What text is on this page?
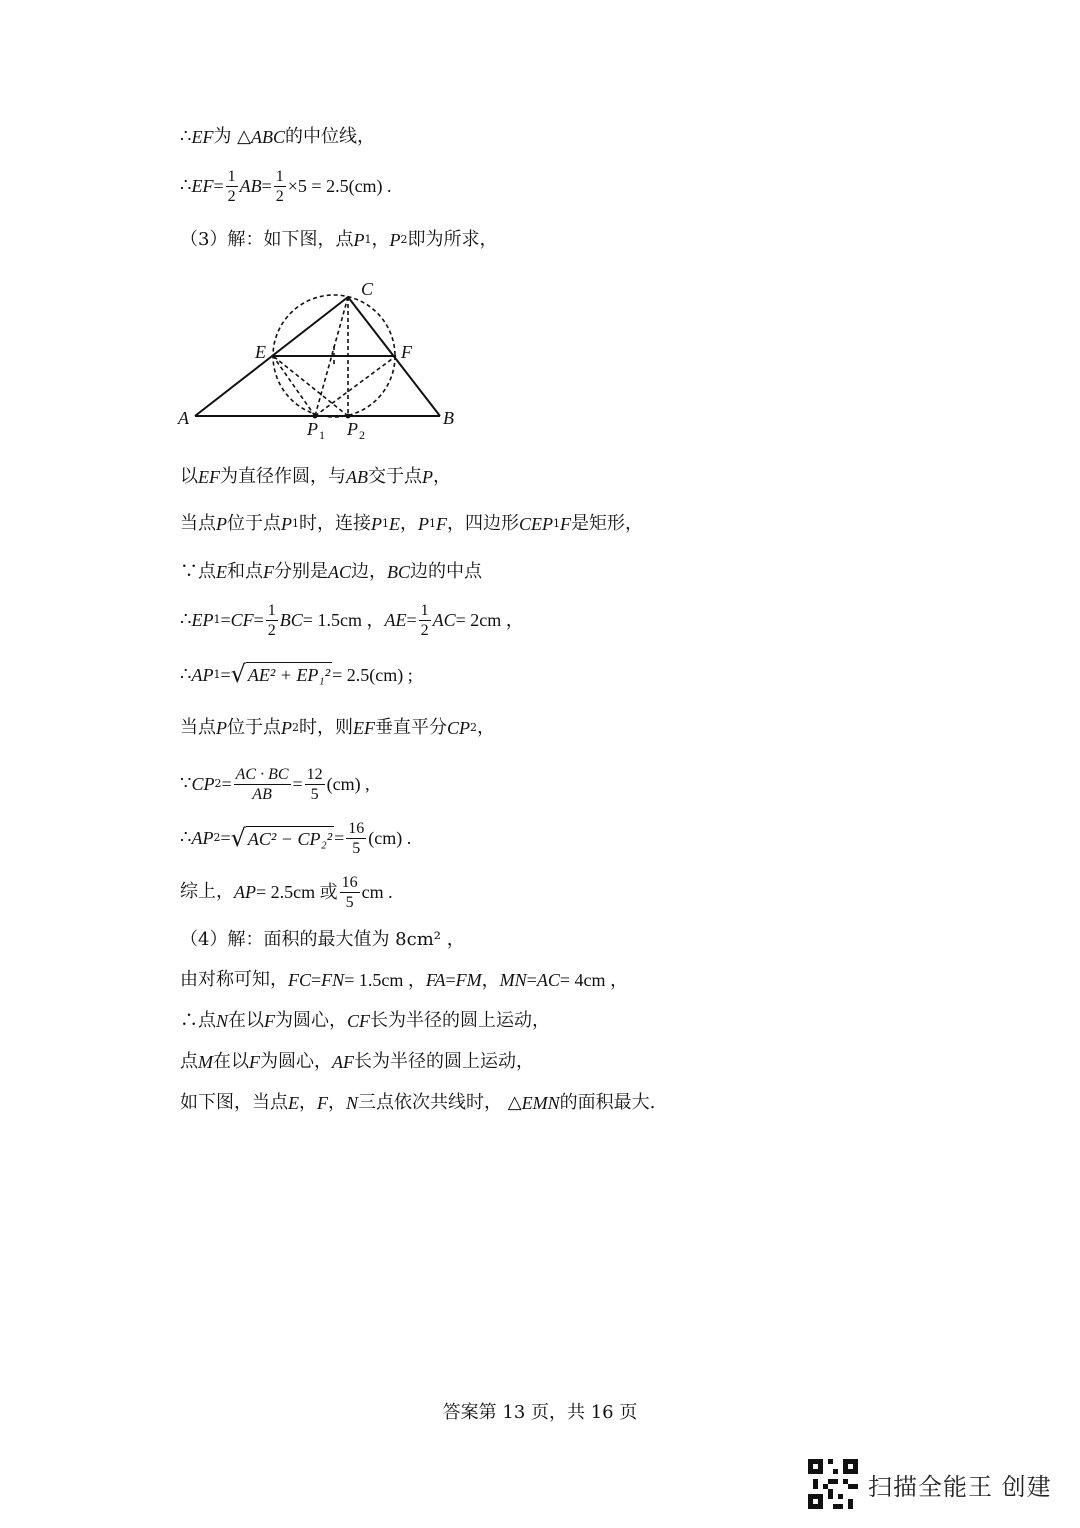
∴ EF 为 △ ABC 的中位线，
∴ EF = $\frac{1}{2}$ AB = $\frac{1}{2} \times 5 = 2.5(cm)$ .
（3）解：如下图，点 P 1 ， P 2 即为所求，
A	B
C
E	F
P 1 P 2
以 EF 为直径作圆，与 AB 交于点 P ，
当点 P 位于点 P 1 时，连接 P 1 E ， P 1 F ，四边形 CEP 1 F 是矩形，
∵点 E 和点 F 分别是 AC 边， BC 边的中点
∴ EP 1 = CF = $\frac{1}{2}$ BC = 1.5cm ， AE = $\frac{1}{2}$ AC = 2cm ，
∴ AP 1 = √ AE² + EP₁² = 2.5(cm) ;
当点 P 位于点 P 2 时，则 EF 垂直平分 CP 2 ，
∵ CP $2 = \frac{AC \cdot BC}{AB} = \frac{12}{5} (cm)$ ,
∴ AP 2 = √ $AC^2 - CP_2^2 = \frac{16}{5} (cm)$ .
综上， AP = 2.5cm 或 $\frac{16}{5}$ cm .
（4）解：面积的最大值为 8cm² ，
由对称可知， FC = FN = 1.5cm ， FA = FM ， MN = AC = 4cm ，
∴点 N 在以 F 为圆心， CF 长为半径的圆上运动，
点 M 在以 F 为圆心， AF 长为半径的圆上运动，
如下图，当点 E ， F ， N 三点依次共线时， △ EMN 的面积最大.
答案第 13 页，共 16 页
扫描全能王 创建
